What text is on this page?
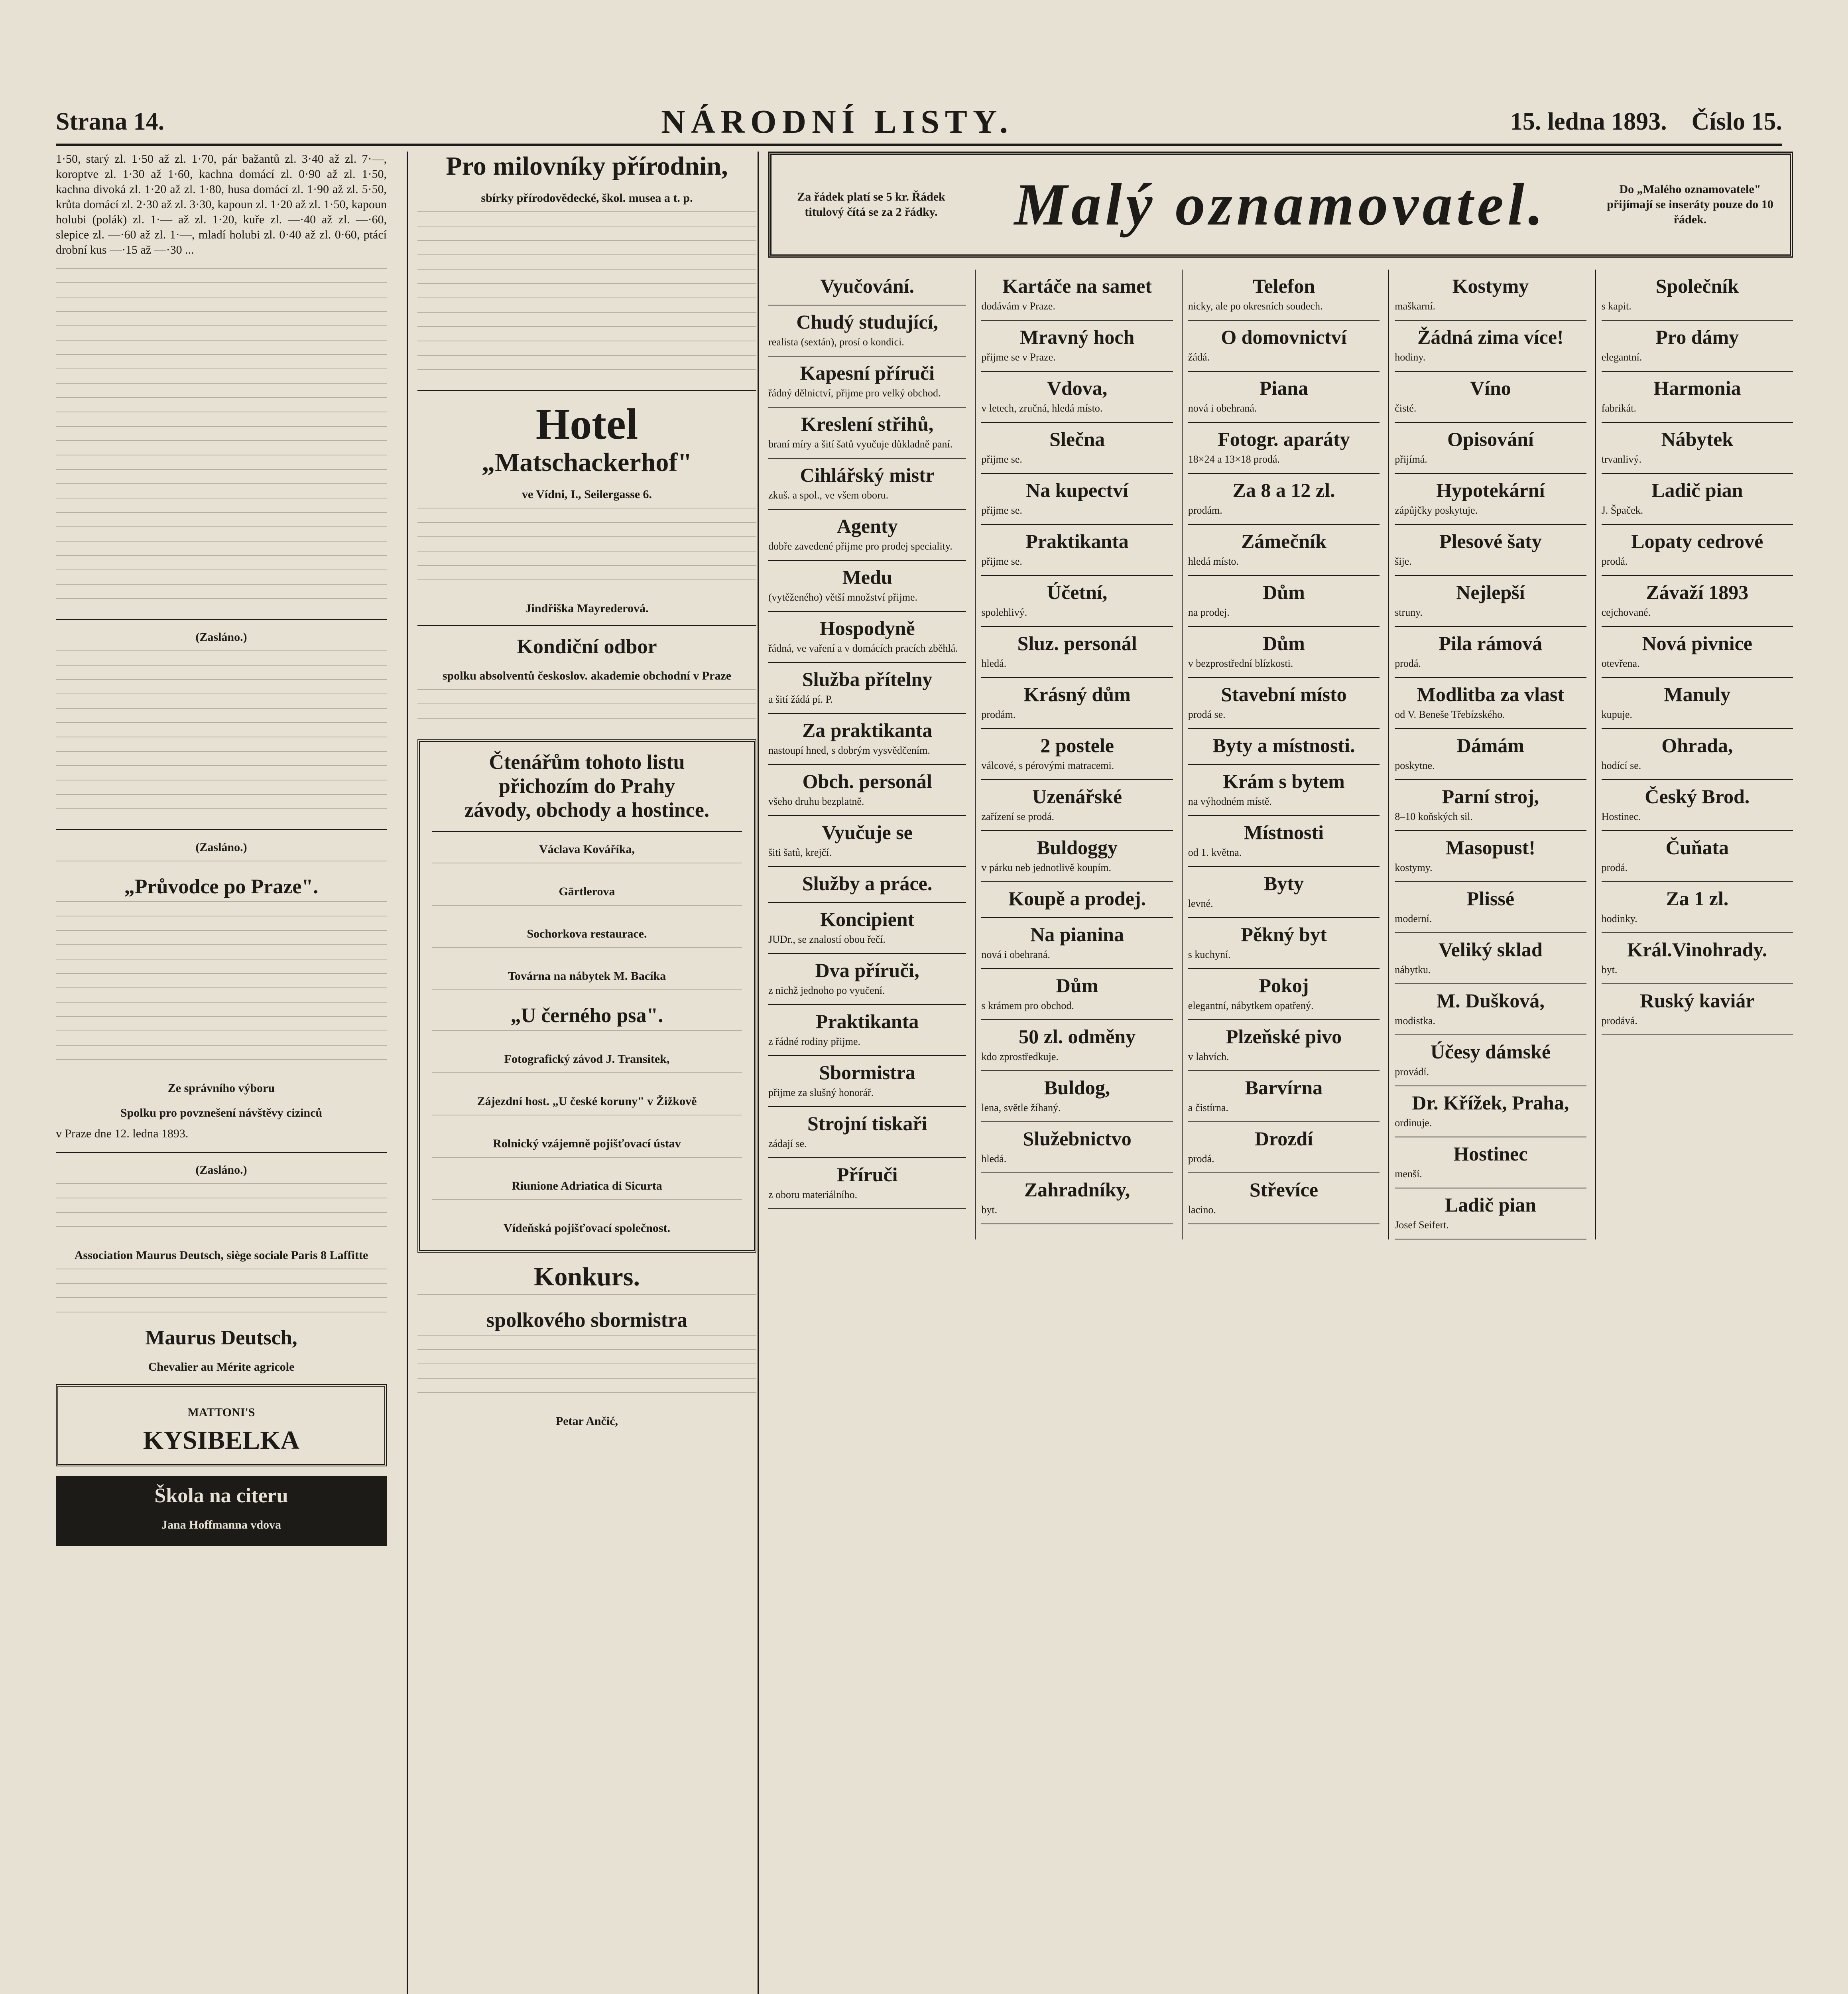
Strana 14.	NÁRODNÍ LISTY.	15. ledna 1893. Číslo 15.
1·50, starý zl. 1·50 až zl. 1·70, pár bažantů zl. 3·40 až zl. 7·—, koroptve zl. 1·30 až 1·60, kachna domácí zl. 0·90 až zl. 1·50, kachna divoká zl. 1·20 až zl. 1·80, husa domácí zl. 1·90 až zl. 5·50, krůta domácí zl. 2·30 až zl. 3·30, kapoun zl. 1·20 až zl. 1·50, kapoun holubi (polák) zl. 1·— až zl. 1·20, kuře zl. —·40 až zl. —·60, slepice zl. —·60 až zl. 1·—, mladí holubi zl. 0·40 až zl. 0·60, ptácí drobní kus —·15 až —·30 ...
(Zasláno.)
(Zasláno.)
„Průvodce po Praze".
Ze správního výboru
Spolku pro povznešení návštěvy cizinců
v Praze dne 12. ledna 1893.
(Zasláno.)
Association Maurus Deutsch, siège sociale Paris 8 Laffitte
Maurus Deutsch,
Chevalier au Mérite agricole
MATTONI'S
KYSIBELKA
Škola na citeru
Jana Hoffmanna vdova
Pro milovníky přírodnin,
sbírky přírodovědecké, škol. musea a t. p.
Hotel
„Matschackerhof"
ve Vídni, I., Seilergasse 6.
Jindřiška Mayrederová.
Kondiční odbor
spolku absolventů českoslov. akademie obchodní v Praze
Čtenářům tohoto listu
přichozím do Prahy
závody, obchody a hostince.
Václava Kováříka,
Gärtlerova
Sochorkova restaurace.
Továrna na nábytek M. Bacíka
„U černého psa".
Fotografický závod J. Transitek,
Zájezdní host. „U české koruny" v Žižkově
Rolnický vzájemně pojišťovací ústav
Riunione Adriatica di Sicurta
Vídeňská pojišťovací společnost.
Konkurs.
spolkového sbormistra
Petar Ančić,
Za řádek platí se 5 kr. Řádek titulový čítá se za 2 řádky. Malý oznamovatel.	Do „Malého oznamovatele" přijímají se inseráty pouze do 10 řádek.
Vyučování.
Chudý studující,
realista (sextán), prosí o kondici.
Kapesní příruči
řádný dělnictví, přijme pro velký obchod.
Kreslení střihů,
braní míry a šití šatů vyučuje důkladně paní.
Cihlářský mistr
zkuš. a spol., ve všem oboru.
Agenty
dobře zavedené přijme pro prodej speciality.
Medu
(vytěženého) větší množství přijme.
Hospodyně
řádná, ve vaření a v domácích pracích zběhlá.
Služba přítelny
a šití žádá pí. P.
Za praktikanta
nastoupí hned, s dobrým vysvědčením.
Obch. personál
všeho druhu bezplatně.
Vyučuje se
šiti šatů, krejčí.
Služby a práce.
Koncipient
JUDr., se znalostí obou řečí.
Dva příruči,
z nichž jednoho po vyučení.
Praktikanta
z řádné rodiny přijme.
Sbormistra
přijme za slušný honorář.
Strojní tiskaři
zádají se.
Příruči
z oboru materiálního.
Kartáče na samet
dodávám v Praze.
Mravný hoch
přijme se v Praze.
Vdova,
v letech, zručná, hledá místo.
Slečna
přijme se.
Na kupectví
přijme se.
Praktikanta
přijme se.
Účetní,
spolehlivý.
Sluz. personál
hledá.
Krásný dům
prodám.
2 postele
válcové, s pérovými matracemi.
Uzenářské
zařízení se prodá.
Buldoggy
v párku neb jednotlivě koupím.
Koupě a prodej.
Na pianina
nová i obehraná.
Dům
s krámem pro obchod.
50 zl. odměny
kdo zprostředkuje.
Buldog,
lena, světle žíhaný.
Služebnictvo
hledá.
Zahradníky,
byt.
Telefon
nicky, ale po okresních soudech.
O domovnictví
žádá.
Piana
nová i obehraná.
Fotogr. aparáty
18×24 a 13×18 prodá.
Za 8 a 12 zl.
prodám.
Zámečník
hledá místo.
Dům
na prodej.
Dům
v bezprostřední blízkosti.
Stavební místo
prodá se.
Byty a místnosti.
Krám s bytem
na výhodném místě.
Místnosti
od 1. května.
Byty
levné.
Pěkný byt
s kuchyní.
Pokoj
elegantní, nábytkem opatřený.
Plzeňské pivo
v lahvích.
Barvírna
a čistírna.
Drozdí
prodá.
Střevíce
lacino.
Kostymy
maškarní.
Žádná zima více!
hodiny.
Víno
čisté.
Opisování
přijímá.
Hypotekární
zápůjčky poskytuje.
Plesové šaty
šije.
Nejlepší
struny.
Pila rámová
prodá.
Modlitba za vlast
od V. Beneše Třebízského.
Dámám
poskytne.
Parní stroj,
8–10 koňských sil.
Masopust!
kostymy.
Plissé
moderní.
Veliký sklad
nábytku.
M. Dušková,
modistka.
Účesy dámské
provádí.
Dr. Křížek, Praha,
ordinuje.
Hostinec
menší.
Ladič pian
Josef Seifert.
Společník
s kapit.
Pro dámy
elegantní.
Harmonia
fabrikát.
Nábytek
trvanlivý.
Ladič pian
J. Špaček.
Lopaty cedrové
prodá.
Závaží 1893
cejchované.
Nová pivnice
otevřena.
Manuly
kupuje.
Ohrada,
hodící se.
Český Brod.
Hostinec.
Čuňata
prodá.
Za 1 zl.
hodinky.
Král.Vinohrady.
byt.
Ruský kaviár
prodává.
